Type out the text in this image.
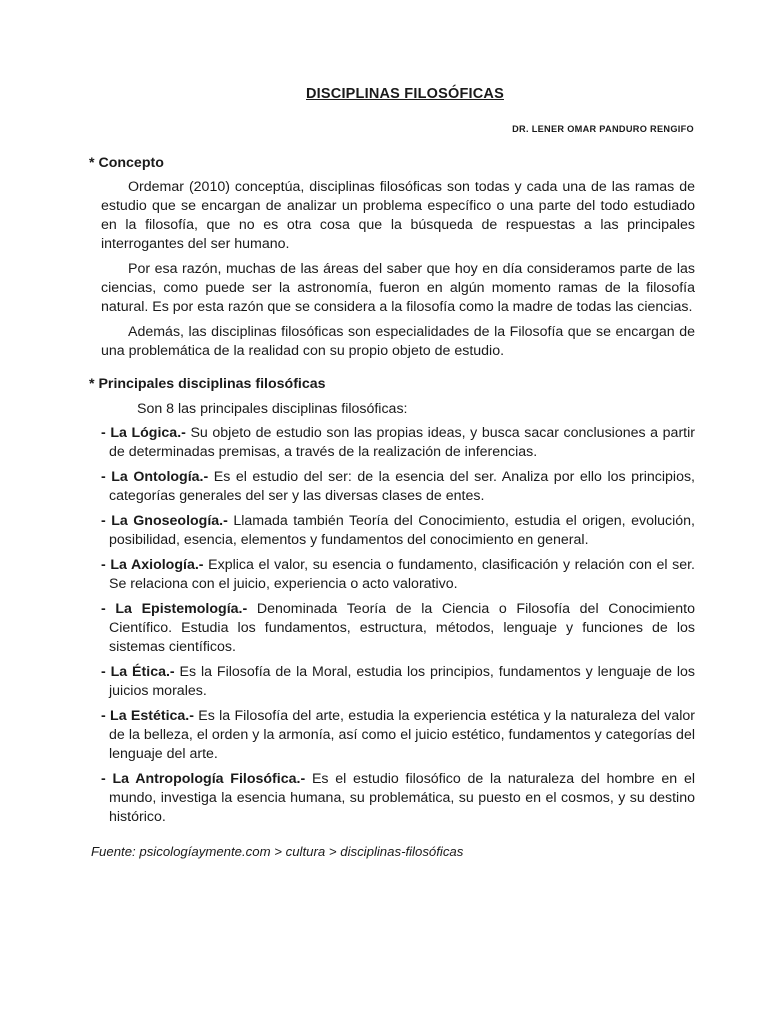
DISCIPLINAS FILOSÓFICAS
DR. LENER OMAR PANDURO RENGIFO

* Concepto

Ordemar (2010) conceptúa, disciplinas filosóficas son todas y cada una de las ramas de estudio que se encargan de analizar un problema específico o una parte del todo estudiado en la filosofía, que no es otra cosa que la búsqueda de respuestas a las principales interrogantes del ser humano.

Por esa razón, muchas de las áreas del saber que hoy en día consideramos parte de las ciencias, como puede ser la astronomía, fueron en algún momento ramas de la filosofía natural. Es por esta razón que se considera a la filosofía como la madre de todas las ciencias.

Además, las disciplinas filosóficas son especialidades de la Filosofía que se encargan de una problemática de la realidad con su propio objeto de estudio.

* Principales disciplinas filosóficas

Son 8 las principales disciplinas filosóficas:

- La Lógica.- Su objeto de estudio son las propias ideas, y busca sacar conclusiones a partir de determinadas premisas, a través de la realización de inferencias.

- La Ontología.- Es el estudio del ser: de la esencia del ser. Analiza por ello los principios, categorías generales del ser y las diversas clases de entes.

- La Gnoseología.- Llamada también Teoría del Conocimiento, estudia el origen, evolución, posibilidad, esencia, elementos y fundamentos del conocimiento en general.

- La Axiología.- Explica el valor, su esencia o fundamento, clasificación y relación con el ser. Se relaciona con el juicio, experiencia o acto valorativo.

- La Epistemología.- Denominada Teoría de la Ciencia o Filosofía del Conocimiento Científico. Estudia los fundamentos, estructura, métodos, lenguaje y funciones de los sistemas científicos.

- La Ética.- Es la Filosofía de la Moral, estudia los principios, fundamentos y lenguaje de los juicios morales.

- La Estética.- Es la Filosofía del arte, estudia la experiencia estética y la naturaleza del valor de la belleza, el orden y la armonía, así como el juicio estético, fundamentos y categorías del lenguaje del arte.

- La Antropología Filosófica.- Es el estudio filosófico de la naturaleza del hombre en el mundo, investiga la esencia humana, su problemática, su puesto en el cosmos, y su destino histórico.

Fuente: psicologíaymente.com > cultura > disciplinas-filosóficas
